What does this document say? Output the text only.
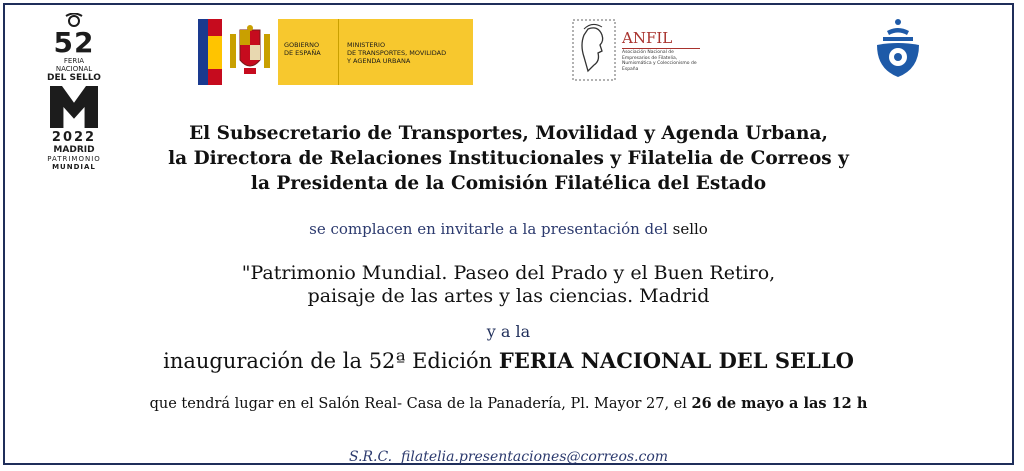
52
FERIA NACIONAL
DEL SELLO
2022
MADRID
PATRIMONIO
MUNDIAL
GOBIERNO
DE ESPAÑA
MINISTERIO
DE TRANSPORTES, MOVILIDAD
Y AGENDA URBANA
ANFIL
Asociación Nacional de Empresarios de Filatelia, Numismática y Coleccionismo de España
El Subsecretario de Transportes, Movilidad y Agenda Urbana,
la Directora de Relaciones Institucionales y Filatelia de Correos y
la Presidenta de la Comisión Filatélica del Estado
se complacen en invitarle a la presentación del sello
"Patrimonio Mundial. Paseo del Prado y el Buen Retiro,
paisaje de las artes y las ciencias. Madrid
y a la
inauguración de la 52ª Edición FERIA NACIONAL DEL SELLO
que tendrá lugar en el Salón Real- Casa de la Panadería, Pl. Mayor 27, el 26 de mayo a las 12 h
S.R.C. filatelia.presentaciones@correos.com
